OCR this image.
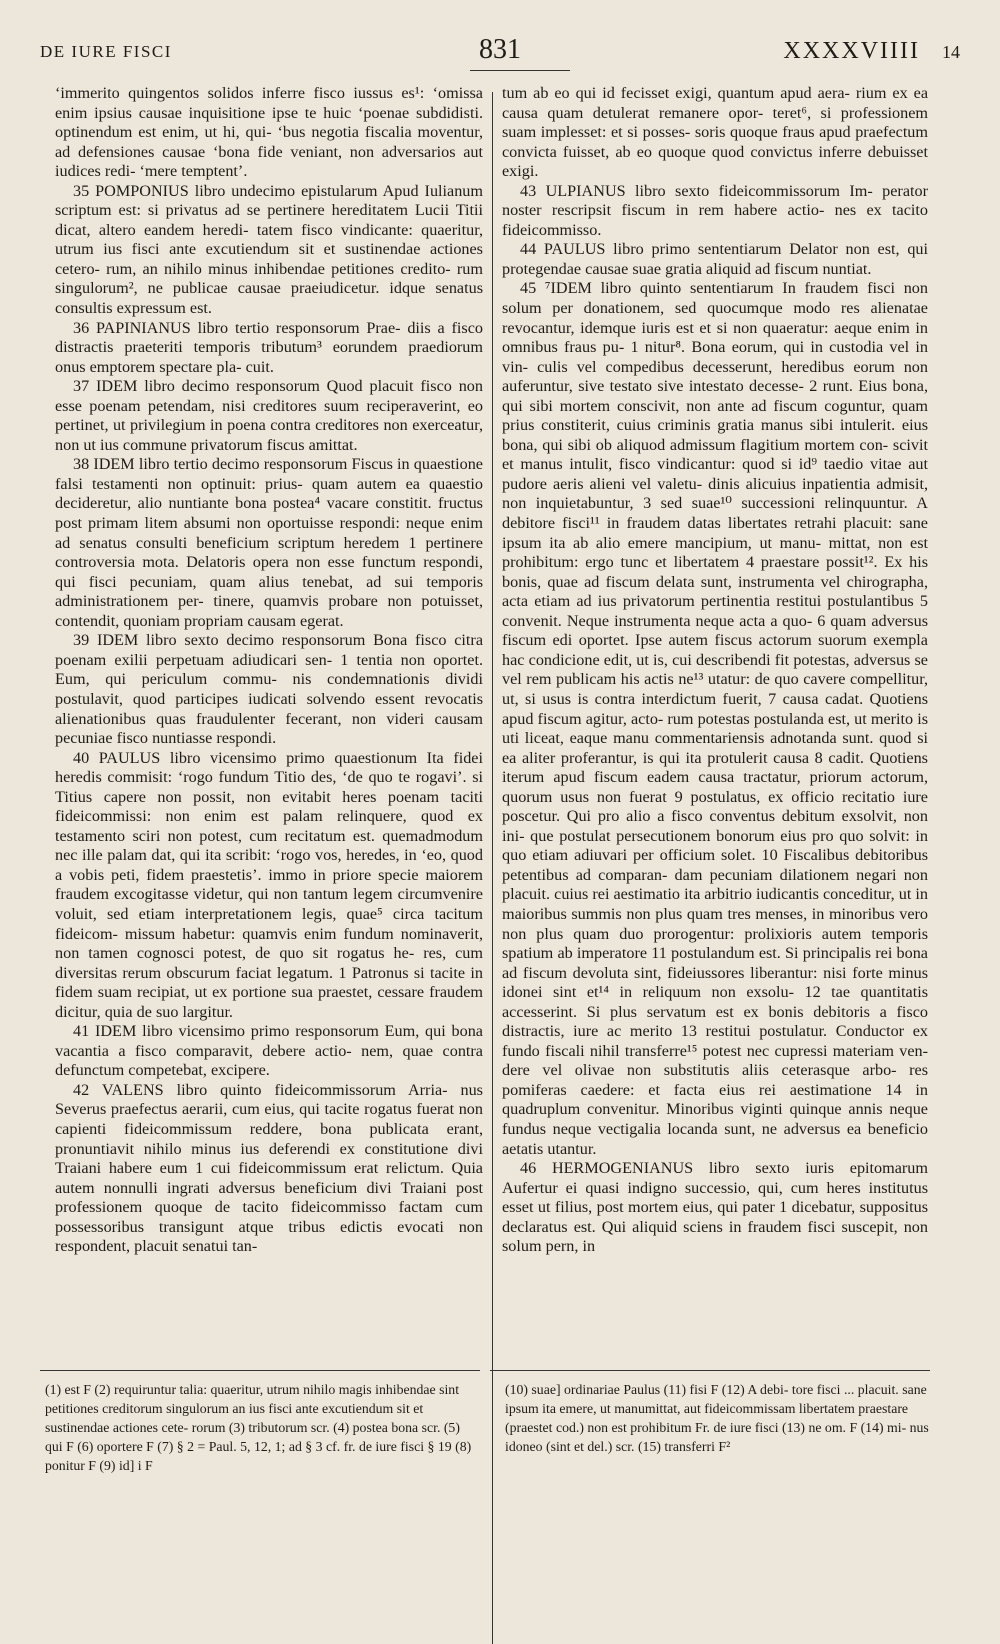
DE IURE FISCI	831	XXXXVIIII 14

‘immerito quingentos solidos inferre fisco iussus es¹: ‘omissa enim ipsius causae inquisitione ipse te huic ‘poenae subdidisti. optinendum est enim, ut hi, qui- ‘bus negotia fiscalia moventur, ad defensiones causae ‘bona fide veniant, non adversarios aut iudices redi- ‘mere temptent’.

35 POMPONIUS libro undecimo epistularum Apud Iulianum scriptum est: si privatus ad se pertinere hereditatem Lucii Titii dicat, altero eandem heredi- tatem fisco vindicante: quaeritur, utrum ius fisci ante excutiendum sit et sustinendae actiones cetero- rum, an nihilo minus inhibendae petitiones credito- rum singulorum², ne publicae causae praeiudicetur. idque senatus consultis expressum est.

36 PAPINIANUS libro tertio responsorum Prae- diis a fisco distractis praeteriti temporis tributum³ eorundem praediorum onus emptorem spectare pla- cuit.

37 IDEM libro decimo responsorum Quod placuit fisco non esse poenam petendam, nisi creditores suum reciperaverint, eo pertinet, ut privilegium in poena contra creditores non exerceatur, non ut ius commune privatorum fiscus amittat.

38 IDEM libro tertio decimo responsorum Fiscus in quaestione falsi testamenti non optinuit: prius- quam autem ea quaestio decideretur, alio nuntiante bona postea⁴ vacare constitit. fructus post primam litem absumi non oportuisse respondi: neque enim ad senatus consulti beneficium scriptum heredem 1 pertinere controversia mota. Delatoris opera non esse functum respondi, qui fisci pecuniam, quam alius tenebat, ad sui temporis administrationem per- tinere, quamvis probare non potuisset, contendit, quoniam propriam causam egerat.

39 IDEM libro sexto decimo responsorum Bona fisco citra poenam exilii perpetuam adiudicari sen- 1 tentia non oportet. Eum, qui periculum commu- nis condemnationis dividi postulavit, quod participes iudicati solvendo essent revocatis alienationibus quas fraudulenter fecerant, non videri causam pecuniae fisco nuntiasse respondi.

40 PAULUS libro vicensimo primo quaestionum Ita fidei heredis commisit: ‘rogo fundum Titio des, ‘de quo te rogavi’. si Titius capere non possit, non evitabit heres poenam taciti fideicommissi: non enim est palam relinquere, quod ex testamento sciri non potest, cum recitatum est. quemadmodum nec ille palam dat, qui ita scribit: ‘rogo vos, heredes, in ‘eo, quod a vobis peti, fidem praestetis’. immo in priore specie maiorem fraudem excogitasse videtur, qui non tantum legem circumvenire voluit, sed etiam interpretationem legis, quae⁵ circa tacitum fideicom- missum habetur: quamvis enim fundum nominaverit, non tamen cognosci potest, de quo sit rogatus he- res, cum diversitas rerum obscurum faciat legatum. 1 Patronus si tacite in fidem suam recipiat, ut ex portione sua praestet, cessare fraudem dicitur, quia de suo largitur.

41 IDEM libro vicensimo primo responsorum Eum, qui bona vacantia a fisco comparavit, debere actio- nem, quae contra defunctum competebat, excipere.

42 VALENS libro quinto fideicommissorum Arria- nus Severus praefectus aerarii, cum eius, qui tacite rogatus fuerat non capienti fideicommissum reddere, bona publicata erant, pronuntiavit nihilo minus ius deferendi ex constitutione divi Traiani habere eum 1 cui fideicommissum erat relictum. Quia autem nonnulli ingrati adversus beneficium divi Traiani post professionem quoque de tacito fideicommisso factam cum possessoribus transigunt atque tribus edictis evocati non respondent, placuit senatui tan-

tum ab eo qui id fecisset exigi, quantum apud aera- rium ex ea causa quam detulerat remanere opor- teret⁶, si professionem suam implesset: et si posses- soris quoque fraus apud praefectum convicta fuisset, ab eo quoque quod convictus inferre debuisset exigi.

43 ULPIANUS libro sexto fideicommissorum Im- perator noster rescripsit fiscum in rem habere actio- nes ex tacito fideicommisso.

44 PAULUS libro primo sententiarum Delator non est, qui protegendae causae suae gratia aliquid ad fiscum nuntiat.

45 ⁷IDEM libro quinto sententiarum In fraudem fisci non solum per donationem, sed quocumque modo res alienatae revocantur, idemque iuris est et si non quaeratur: aeque enim in omnibus fraus pu- 1 nitur⁸. Bona eorum, qui in custodia vel in vin- culis vel compedibus decesserunt, heredibus eorum non auferuntur, sive testato sive intestato decesse- 2 runt. Eius bona, qui sibi mortem conscivit, non ante ad fiscum coguntur, quam prius constiterit, cuius criminis gratia manus sibi intulerit. eius bona, qui sibi ob aliquod admissum flagitium mortem con- scivit et manus intulit, fisco vindicantur: quod si id⁹ taedio vitae aut pudore aeris alieni vel valetu- dinis alicuius inpatientia admisit, non inquietabuntur, 3 sed suae¹⁰ successioni relinquuntur. A debitore fisci¹¹ in fraudem datas libertates retrahi placuit: sane ipsum ita ab alio emere mancipium, ut manu- mittat, non est prohibitum: ergo tunc et libertatem 4 praestare possit¹². Ex his bonis, quae ad fiscum delata sunt, instrumenta vel chirographa, acta etiam ad ius privatorum pertinentia restitui postulantibus 5 convenit. Neque instrumenta neque acta a quo- 6 quam adversus fiscum edi oportet. Ipse autem fiscus actorum suorum exempla hac condicione edit, ut is, cui describendi fit potestas, adversus se vel rem publicam his actis ne¹³ utatur: de quo cavere compellitur, ut, si usus is contra interdictum fuerit, 7 causa cadat. Quotiens apud fiscum agitur, acto- rum potestas postulanda est, ut merito is uti liceat, eaque manu commentariensis adnotanda sunt. quod si ea aliter proferantur, is qui ita protulerit causa 8 cadit. Quotiens iterum apud fiscum eadem causa tractatur, priorum actorum, quorum usus non fuerat 9 postulatus, ex officio recitatio iure poscetur. Qui pro alio a fisco conventus debitum exsolvit, non ini- que postulat persecutionem bonorum eius pro quo solvit: in quo etiam adiuvari per officium solet. 10 Fiscalibus debitoribus petentibus ad comparan- dam pecuniam dilationem negari non placuit. cuius rei aestimatio ita arbitrio iudicantis conceditur, ut in maioribus summis non plus quam tres menses, in minoribus vero non plus quam duo prorogentur: prolixioris autem temporis spatium ab imperatore 11 postulandum est. Si principalis rei bona ad fiscum devoluta sint, fideiussores liberantur: nisi forte minus idonei sint et¹⁴ in reliquum non exsolu- 12 tae quantitatis accesserint. Si plus servatum est ex bonis debitoris a fisco distractis, iure ac merito 13 restitui postulatur. Conductor ex fundo fiscali nihil transferre¹⁵ potest nec cupressi materiam ven- dere vel olivae non substitutis aliis ceterasque arbo- res pomiferas caedere: et facta eius rei aestimatione 14 in quadruplum convenitur. Minoribus viginti quinque annis neque fundus neque vectigalia locanda sunt, ne adversus ea beneficio aetatis utantur.

46 HERMOGENIANUS libro sexto iuris epitomarum Aufertur ei quasi indigno successio, qui, cum heres institutus esset ut filius, post mortem eius, qui pater 1 dicebatur, suppositus declaratus est. Qui aliquid sciens in fraudem fisci suscepit, non solum pern, in

(1) est F (2) requiruntur talia: quaeritur, utrum nihilo magis inhibendae sint petitiones creditorum singulorum an ius fisci ante excutiendum sit et sustinendae actiones cete- rorum (3) tributorum scr. (4) postea bona scr. (5) qui F (6) oportere F (7) § 2 = Paul. 5, 12, 1; ad § 3 cf. fr. de iure fisci § 19 (8) ponitur F (9) id] i F
(10) suae] ordinariae Paulus (11) fisi F (12) A debi- tore fisci ... placuit. sane ipsum ita emere, ut manumittat, aut fideicommissam libertatem praestare (praestet cod.) non est prohibitum Fr. de iure fisci (13) ne om. F (14) mi- nus idoneo (sint et del.) scr. (15) transferri F²
